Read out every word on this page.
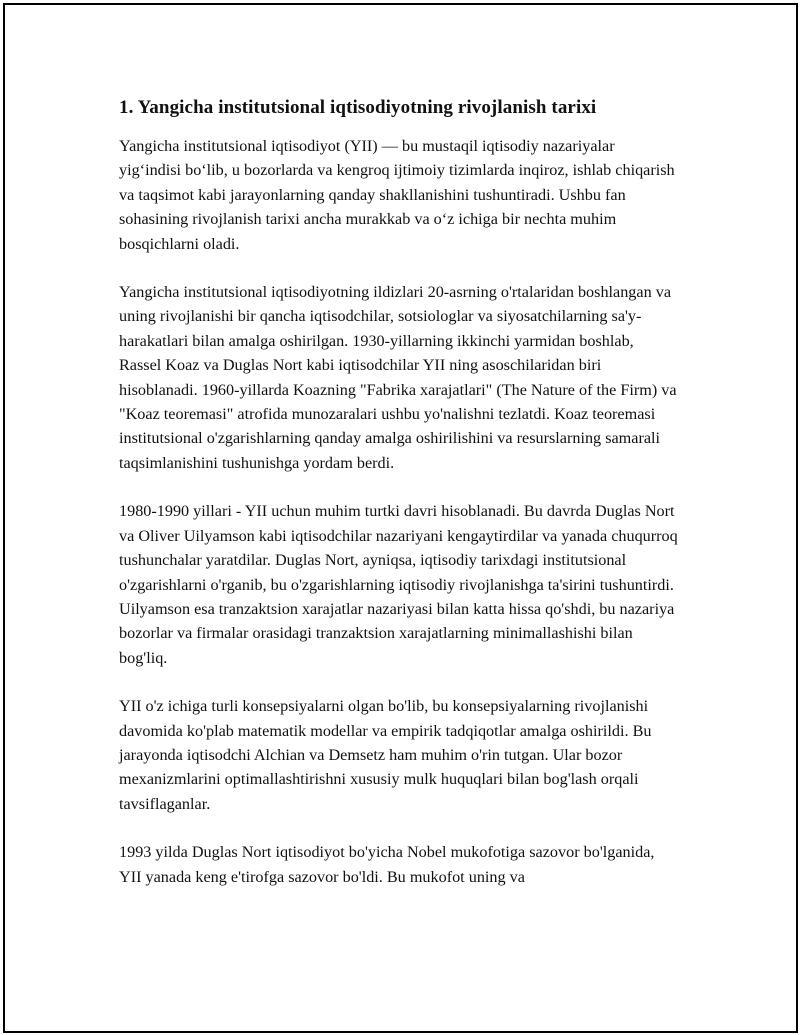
1. Yangicha institutsional iqtisodiyotning rivojlanish tarixi

Yangicha institutsional iqtisodiyot (YII) — bu mustaqil iqtisodiy nazariyalar yig‘indisi bo‘lib, u bozorlarda va kengroq ijtimoiy tizimlarda inqiroz, ishlab chiqarish va taqsimot kabi jarayonlarning qanday shakllanishini tushuntiradi. Ushbu fan sohasining rivojlanish tarixi ancha murakkab va o‘z ichiga bir nechta muhim bosqichlarni oladi.

Yangicha institutsional iqtisodiyotning ildizlari 20-asrning o'rtalaridan boshlangan va uning rivojlanishi bir qancha iqtisodchilar, sotsiologlar va siyosatchilarning sa'y-harakatlari bilan amalga oshirilgan. 1930-yillarning ikkinchi yarmidan boshlab, Rassel Koaz va Duglas Nort kabi iqtisodchilar YII ning asoschilaridan biri hisoblanadi. 1960-yillarda Koazning "Fabrika xarajatlari" (The Nature of the Firm) va "Koaz teoremasi" atrofida munozaralari ushbu yo'nalishni tezlatdi. Koaz teoremasi institutsional o'zgarishlarning qanday amalga oshirilishini va resurslarning samarali taqsimlanishini tushunishga yordam berdi.

1980-1990 yillari - YII uchun muhim turtki davri hisoblanadi. Bu davrda Duglas Nort va Oliver Uilyamson kabi iqtisodchilar nazariyani kengaytirdilar va yanada chuqurroq tushunchalar yaratdilar. Duglas Nort, ayniqsa, iqtisodiy tarixdagi institutsional o'zgarishlarni o'rganib, bu o'zgarishlarning iqtisodiy rivojlanishga ta'sirini tushuntirdi. Uilyamson esa tranzaktsion xarajatlar nazariyasi bilan katta hissa qo'shdi, bu nazariya bozorlar va firmalar orasidagi tranzaktsion xarajatlarning minimallashishi bilan bog'liq.

YII o'z ichiga turli konsepsiyalarni olgan bo'lib, bu konsepsiyalarning rivojlanishi davomida ko'plab matematik modellar va empirik tadqiqotlar amalga oshirildi. Bu jarayonda iqtisodchi Alchian va Demsetz ham muhim o'rin tutgan. Ular bozor mexanizmlarini optimallashtirishni xususiy mulk huquqlari bilan bog'lash orqali tavsiflaganlar.

1993 yilda Duglas Nort iqtisodiyot bo'yicha Nobel mukofotiga sazovor bo'lganida, YII yanada keng e'tirofga sazovor bo'ldi. Bu mukofot uning va
